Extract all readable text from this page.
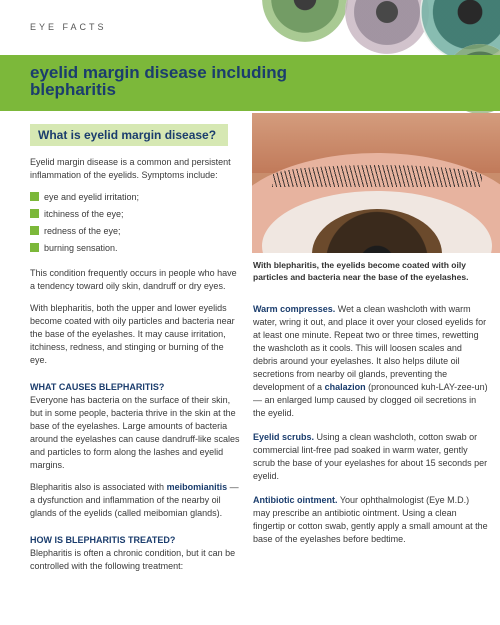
EYE FACTS
eyelid margin disease including blepharitis
What is eyelid margin disease?

Eyelid margin disease is a common and persistent inflammation of the eyelids. Symptoms include:

eye and eyelid irritation;
itchiness of the eye;
redness of the eye;
burning sensation.

This condition frequently occurs in people who have a tendency toward oily skin, dandruff or dry eyes.

With blepharitis, both the upper and lower eyelids become coated with oily particles and bacteria near the base of the eyelashes. It may cause irritation, itchiness, redness, and stinging or burning of the eye.

WHAT CAUSES BLEPHARITIS?

Everyone has bacteria on the surface of their skin, but in some people, bacteria thrive in the skin at the base of the eyelashes. Large amounts of bacteria around the eyelashes can cause dandruff-like scales and particles to form along the lashes and eyelid margins.

Blepharitis also is associated with meibomianitis — a dysfunction and inflammation of the nearby oil glands of the eyelids (called meibomian glands).

HOW IS BLEPHARITIS TREATED?

Blepharitis is often a chronic condition, but it can be controlled with the following treatment:

With blepharitis, the eyelids become coated with oily particles and bacteria near the base of the eyelashes.

Warm compresses. Wet a clean washcloth with warm water, wring it out, and place it over your closed eyelids for at least one minute. Repeat two or three times, rewetting the washcloth as it cools. This will loosen scales and debris around your eyelashes. It also helps dilute oil secretions from nearby oil glands, preventing the development of a chalazion (pronounced kuh-LAY-zee-un) — an enlarged lump caused by clogged oil secretions in the eyelid.

Eyelid scrubs. Using a clean washcloth, cotton swab or commercial lint-free pad soaked in warm water, gently scrub the base of your eyelashes for about 15 seconds per eyelid.

Antibiotic ointment. Your ophthalmologist (Eye M.D.) may prescribe an antibiotic ointment. Using a clean fingertip or cotton swab, gently apply a small amount at the base of the eyelashes before bedtime.
